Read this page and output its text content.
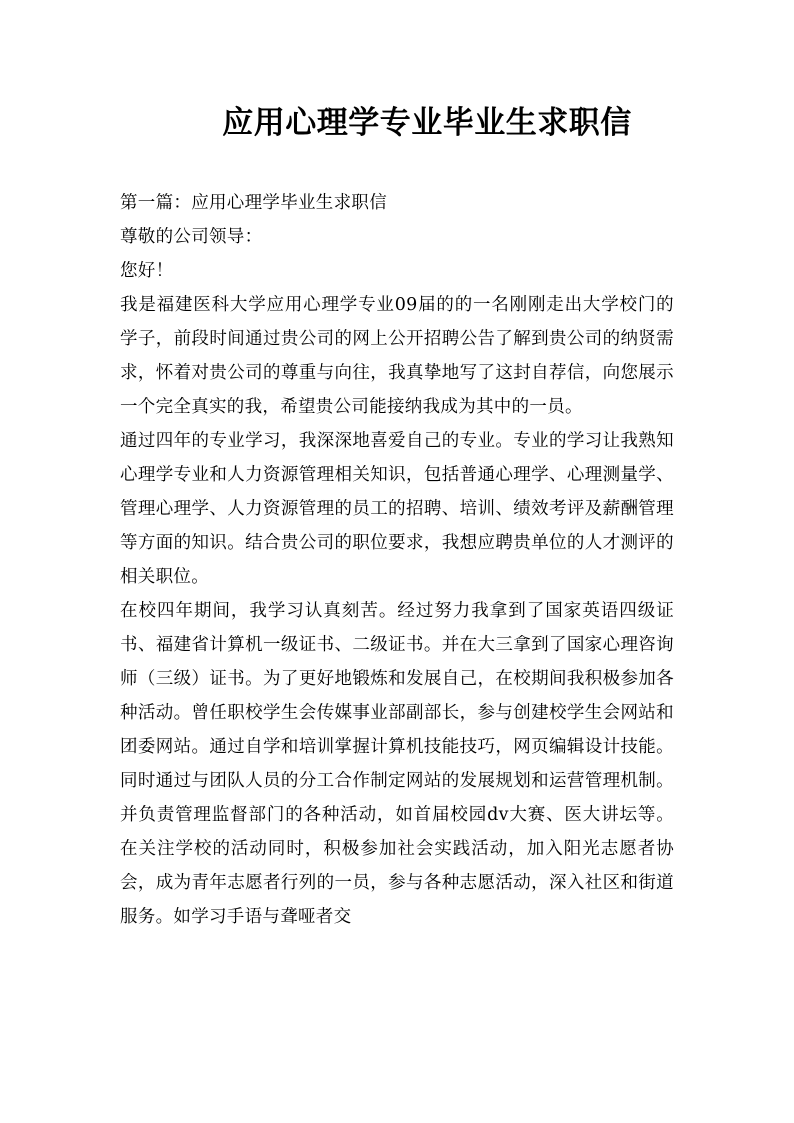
应用心理学专业毕业生求职信

第一篇：应用心理学毕业生求职信

尊敬的公司领导：

您好！

我是福建医科大学应用心理学专业09届的的一名刚刚走出大学校门的学子，前段时间通过贵公司的网上公开招聘公告了解到贵公司的纳贤需求，怀着对贵公司的尊重与向往，我真挚地写了这封自荐信，向您展示一个完全真实的我，希望贵公司能接纳我成为其中的一员。

通过四年的专业学习，我深深地喜爱自己的专业。专业的学习让我熟知心理学专业和人力资源管理相关知识，包括普通心理学、心理测量学、管理心理学、人力资源管理的员工的招聘、培训、绩效考评及薪酬管理等方面的知识。结合贵公司的职位要求，我想应聘贵单位的人才测评的相关职位。

在校四年期间，我学习认真刻苦。经过努力我拿到了国家英语四级证书、福建省计算机一级证书、二级证书。并在大三拿到了国家心理咨询师（三级）证书。为了更好地锻炼和发展自己，在校期间我积极参加各种活动。曾任职校学生会传媒事业部副部长，参与创建校学生会网站和团委网站。通过自学和培训掌握计算机技能技巧，网页编辑设计技能。同时通过与团队人员的分工合作制定网站的发展规划和运营管理机制。并负责管理监督部门的各种活动，如首届校园dv大赛、医大讲坛等。在关注学校的活动同时，积极参加社会实践活动，加入阳光志愿者协会，成为青年志愿者行列的一员，参与各种志愿活动，深入社区和街道服务。如学习手语与聋哑者交
